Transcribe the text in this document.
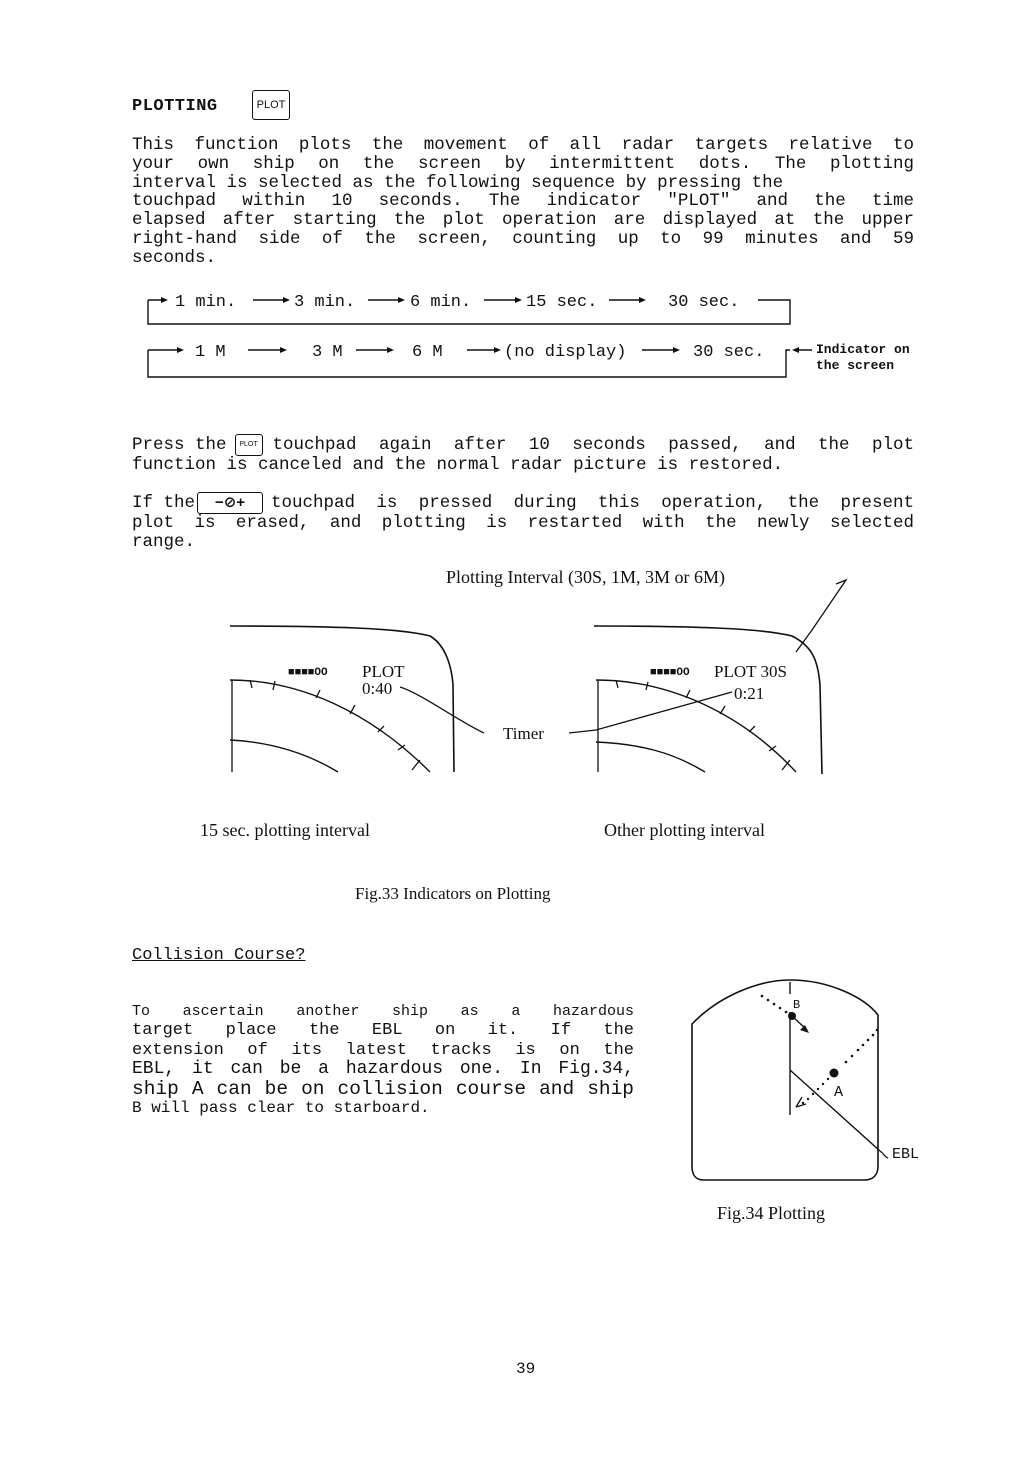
PLOTTING	PLOT
This function plots the movement of all radar targets relative to
your own ship on the screen by intermittent dots. The plotting
interval is selected as the following sequence by pressing the
touchpad within 10 seconds. The indicator "PLOT" and the time
elapsed after starting the plot operation are displayed at the upper
right-hand side of the screen, counting up to 99 minutes and 59
seconds.
1 min.	3 min.	6 min.	15 sec.	30 sec.
1 M	3 M	6 M	(no display)	30 sec.	Indicator on
the screen
Press the	PLOT touchpad again after 10 seconds passed, and the plot
function is canceled and the normal radar picture is restored.
If the	−⊘+	touchpad is pressed during this operation, the present
plot is erased, and plotting is restarted with the newly selected
range.
Plotting Interval (30S, 1M, 3M or 6M)
■■■■OO PLOT
0:40
Timer
■■■■OO PLOT 30S
0:21
15 sec. plotting interval	Other plotting interval
Fig.33 Indicators on Plotting
Collision Course?
To ascertain another ship as a hazardous
target place the EBL on it. If the
extension of its latest tracks is on the
EBL, it can be a hazardous one. In Fig.34,
ship A can be on collision course and ship
B will pass clear to starboard.
B
A
EBL
Fig.34 Plotting
39
